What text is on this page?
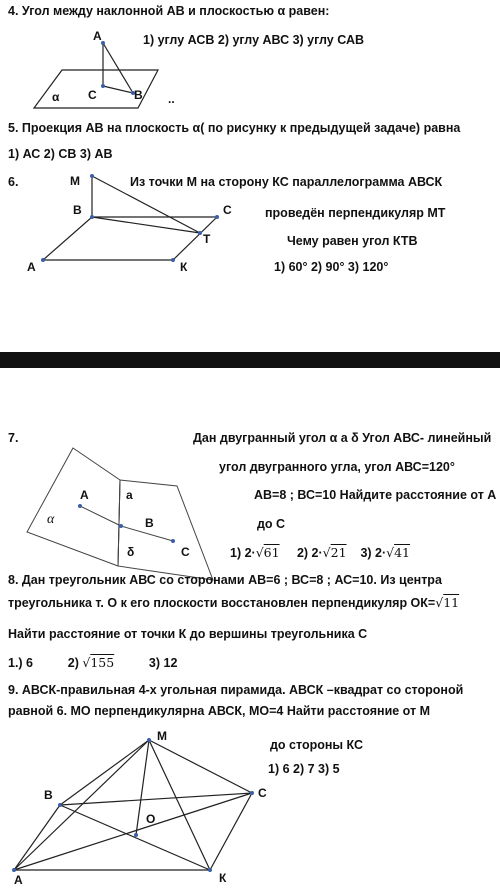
4. Угол между наклонной АВ и плоскостью α равен:
1) углу АСВ 2) углу АВС 3) углу САВ
А
α С	В ..
5. Проекция АВ на плоскость α( по рисунку к предыдущей задаче) равна
1) АС 2) СВ 3) АВ
6.	Из точки М на сторону КС параллелограмма АВСК
проведён перпендикуляр МТ
Чему равен угол КТВ
1) 60° 2) 90° 3) 120°
М
В	С
Т
А	К
7.	Дан двугранный угол α а δ Угол АВС- линейный
угол двугранного угла, угол АВС=120°
АВ=8 ; ВС=10 Найдите расстояние от А
до С
1) 2·√61 2) 2·√21 3) 2·√41
А	а
α	В
δ	С
8. Дан треугольник АВС со сторонами АВ=6 ; ВС=8 ; АС=10. Из центра
треугольника т. О к его плоскости восстановлен перпендикуляр ОК=√11
Найти расстояние от точки К до вершины треугольника С
1.) 6	2) √155	3) 12
9. АВСК-правильная 4-х угольная пирамида. АВСК –квадрат со стороной
равной 6. МО перпендикулярна АВСК, МО=4 Найти расстояние от М
до стороны КС
1) 6 2) 7 3) 5
М
В	С
О
А	К
